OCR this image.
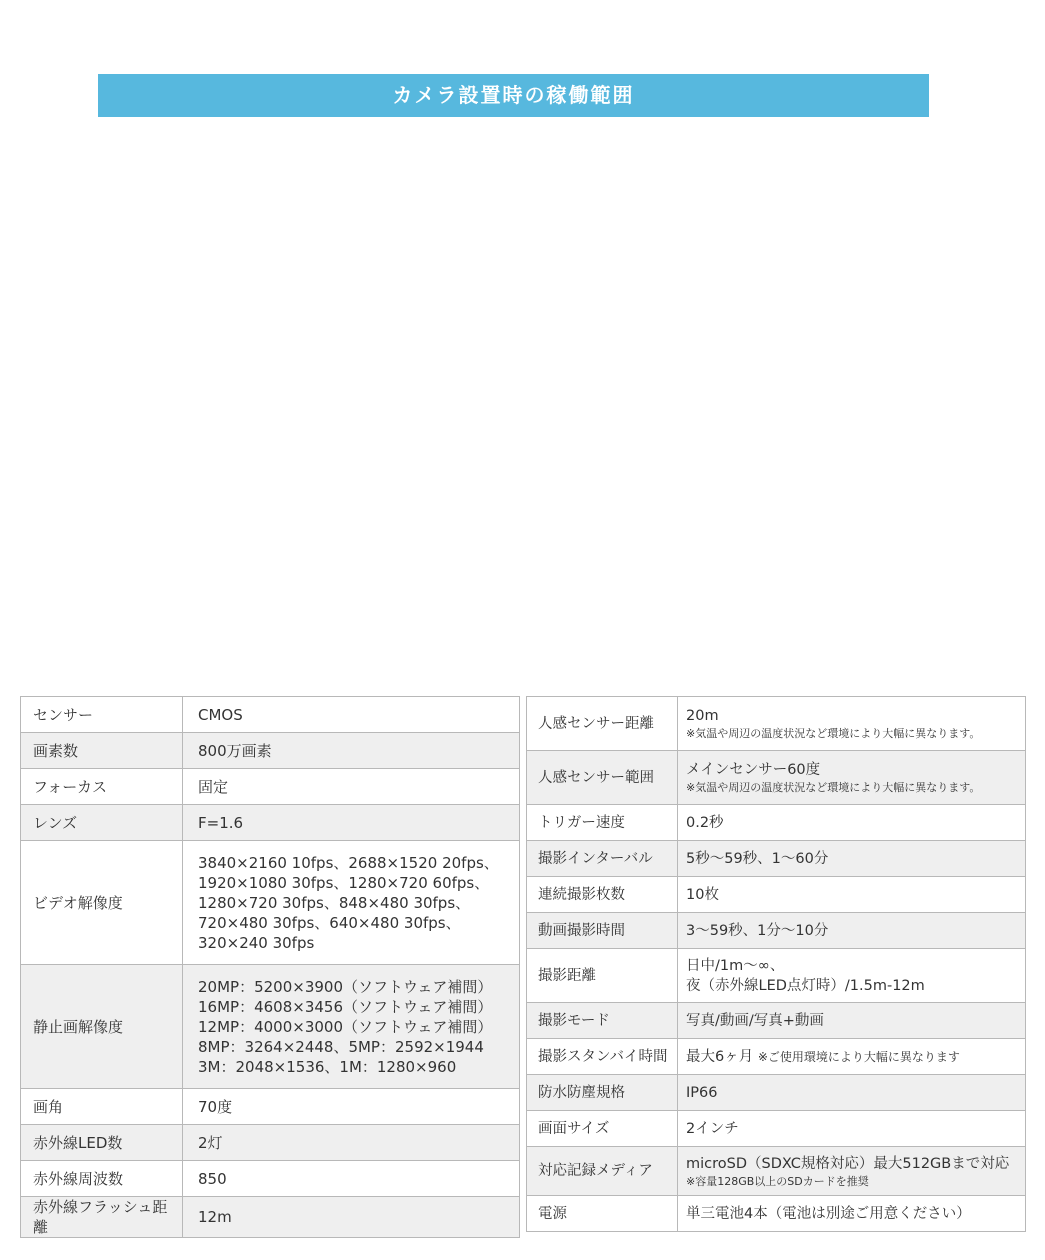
カメラ設置時の稼働範囲
センサー	CMOS
画素数	800万画素
フォーカス	固定
レンズ	F=1.6
ビデオ解像度	3840×2160 10fps、2688×1520 20fps、
1920×1080 30fps、1280×720 60fps、
1280×720 30fps、848×480 30fps、
720×480 30fps、640×480 30fps、
320×240 30fps

静止画解像度	20MP：5200×3900（ソフトウェア補間）
16MP：4608×3456（ソフトウェア補間）
12MP：4000×3000（ソフトウェア補間）
8MP：3264×2448、5MP：2592×1944
3M：2048×1536、1M：1280×960

画角	70度
赤外線LED数	2灯
赤外線周波数	850
赤外線フラッシュ距離	12m
人感センサー距離	20m
※気温や周辺の温度状況など環境により大幅に異なります。

人感センサー範囲	メインセンサー60度
※気温や周辺の温度状況など環境により大幅に異なります。

トリガー速度	0.2秒
撮影インターバル	5秒～59秒、1～60分
連続撮影枚数	10枚
動画撮影時間	3～59秒、1分～10分
撮影距離	日中/1m～∞、
夜（赤外線LED点灯時）/1.5m-12m

撮影モード	写真/動画/写真+動画
撮影スタンバイ時間	最大6ヶ月 ※ご使用環境により大幅に異なります
防水防塵規格	IP66
画面サイズ	2インチ
対応記録メディア	microSD（SDXC規格対応）最大512GBまで対応
※容量128GB以上のSDカードを推奨

電源	単三電池4本（電池は別途ご用意ください）
